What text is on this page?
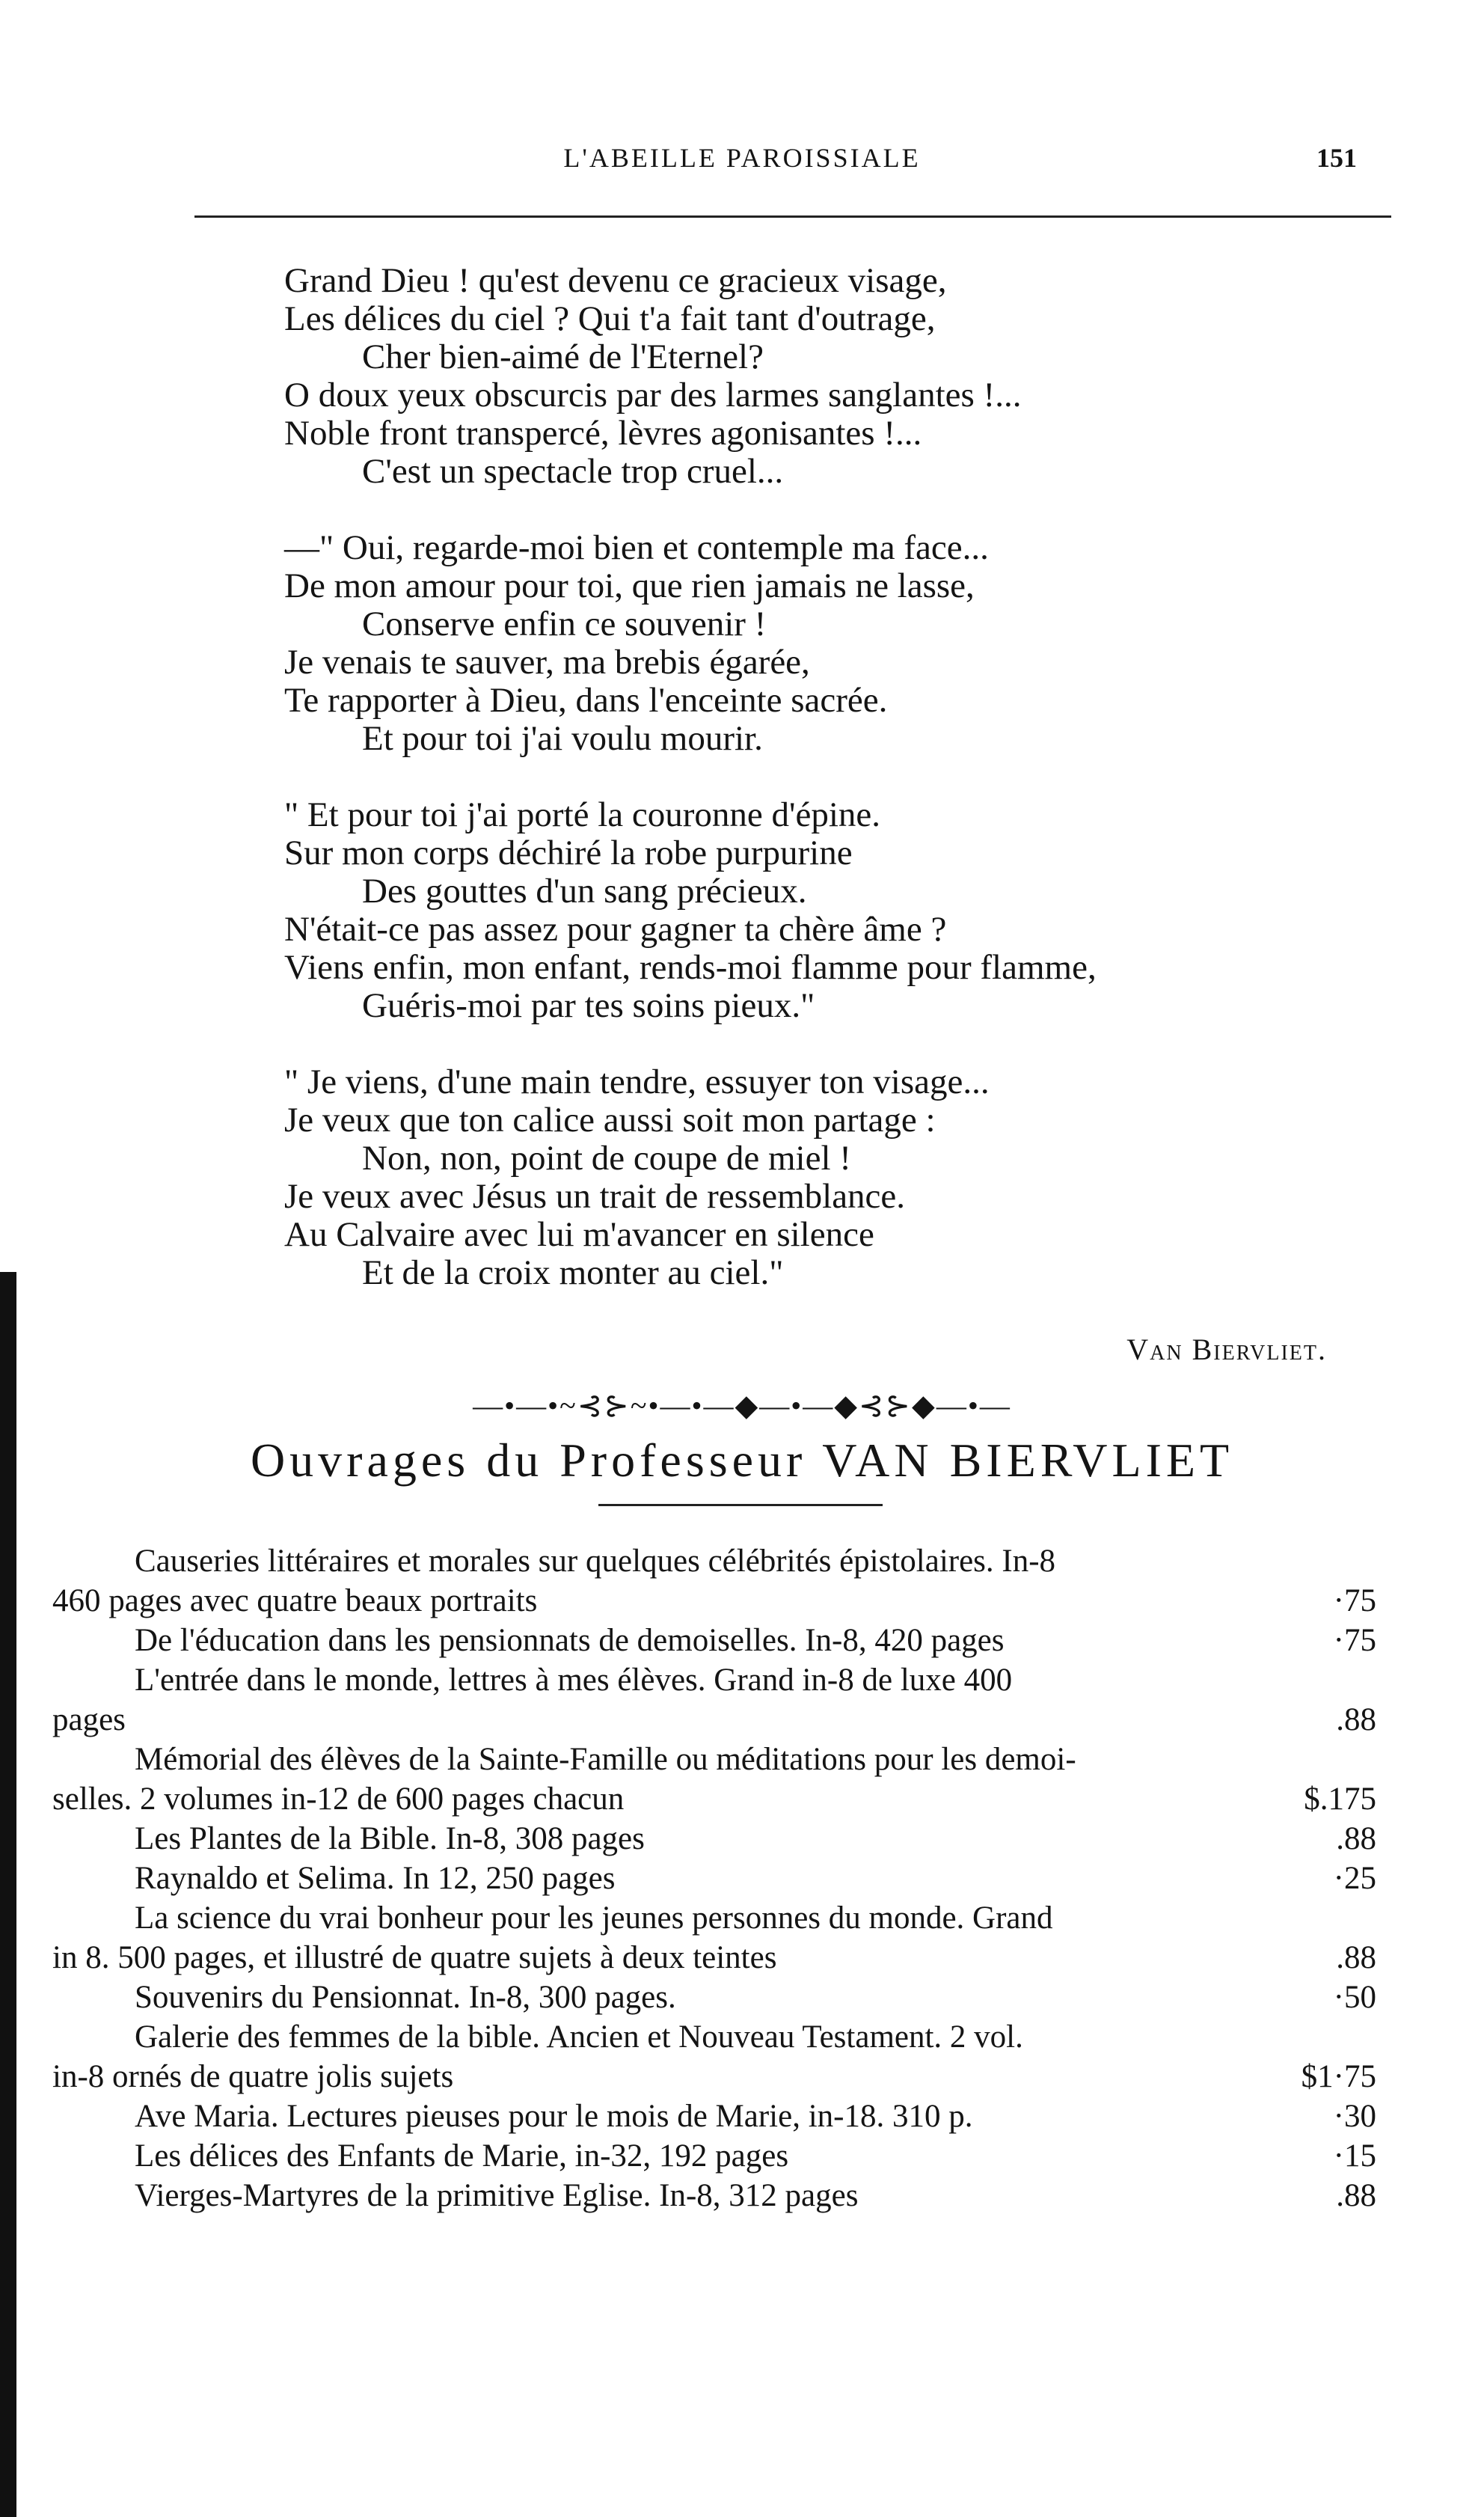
L'ABEILLE PAROISSIALE	151
Grand Dieu ! qu'est devenu ce gracieux visage,
Les délices du ciel ? Qui t'a fait tant d'outrage,
Cher bien-aimé de l'Eternel?
O doux yeux obscurcis par des larmes sanglantes !...
Noble front transpercé, lèvres agonisantes !...
C'est un spectacle trop cruel...
—" Oui, regarde-moi bien et contemple ma face...
De mon amour pour toi, que rien jamais ne lasse,
Conserve enfin ce souvenir !
Je venais te sauver, ma brebis égarée,
Te rapporter à Dieu, dans l'enceinte sacrée.
Et pour toi j'ai voulu mourir.
" Et pour toi j'ai porté la couronne d'épine.
Sur mon corps déchiré la robe purpurine
Des gouttes d'un sang précieux.
N'était-ce pas assez pour gagner ta chère âme ?
Viens enfin, mon enfant, rends-moi flamme pour flamme,
Guéris-moi par tes soins pieux."
" Je viens, d'une main tendre, essuyer ton visage...
Je veux que ton calice aussi soit mon partage :
Non, non, point de coupe de miel !
Je veux avec Jésus un trait de ressemblance.
Au Calvaire avec lui m'avancer en silence
Et de la croix monter au ciel."
Van Biervliet.
—•—•~⊰⊱~•—•—◆—•—◆⊰⊱◆—•—
Ouvrages du Professeur VAN BIERVLIET
Causeries littéraires et morales sur quelques célébrités épistolaires. In-8
460 pages avec quatre beaux portraits	·75
De l'éducation dans les pensionnats de demoiselles. In-8, 420 pages	·75
L'entrée dans le monde, lettres à mes élèves. Grand in-8 de luxe 400
pages	.88
Mémorial des élèves de la Sainte-Famille ou méditations pour les demoi-
selles. 2 volumes in-12 de 600 pages chacun	$.175
Les Plantes de la Bible. In-8, 308 pages	.88
Raynaldo et Selima. In 12, 250 pages	·25
La science du vrai bonheur pour les jeunes personnes du monde. Grand
in 8. 500 pages, et illustré de quatre sujets à deux teintes	.88
Souvenirs du Pensionnat. In-8, 300 pages.	·50
Galerie des femmes de la bible. Ancien et Nouveau Testament. 2 vol.
in-8 ornés de quatre jolis sujets	$1·75
Ave Maria. Lectures pieuses pour le mois de Marie, in-18. 310 p.	·30
Les délices des Enfants de Marie, in-32, 192 pages	·15
Vierges-Martyres de la primitive Eglise. In-8, 312 pages	.88
